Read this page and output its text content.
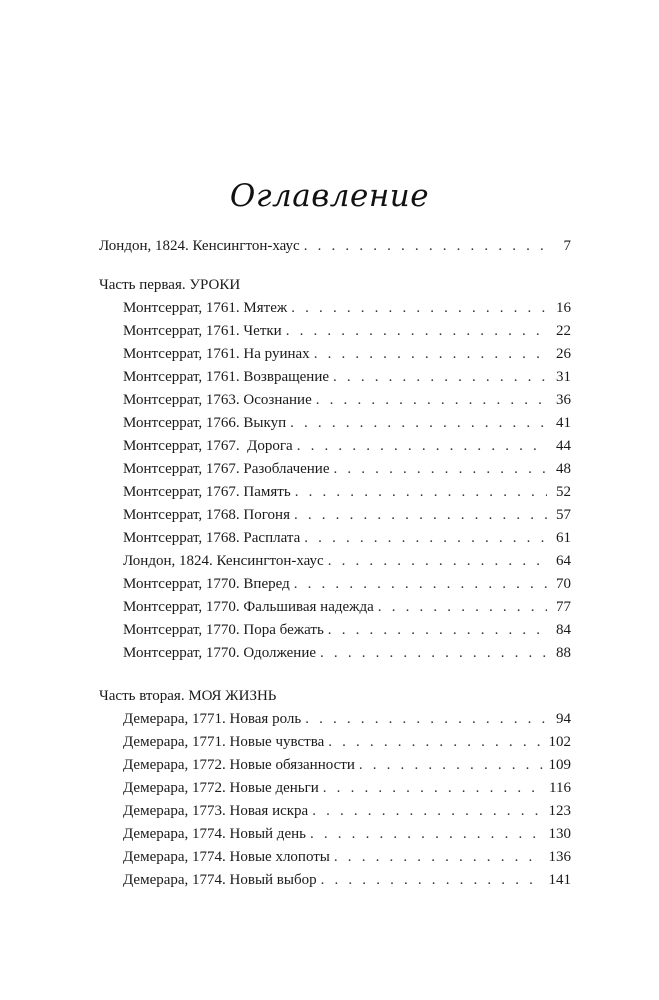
Оглавление
Лондон, 1824. Кенсингтон-хаус . . .	7
Часть первая. УРОКИ
Монтсеррат, 1761. Мятеж . . .	16
Монтсеррат, 1761. Четки . . .	22
Монтсеррат, 1761. На руинах . . .	26
Монтсеррат, 1761. Возвращение . . .	31
Монтсеррат, 1763. Осознание . . .	36
Монтсеррат, 1766. Выкуп . . .	41
Монтсеррат, 1767.  Дорога . . .	44
Монтсеррат, 1767. Разоблачение . . .	48
Монтсеррат, 1767. Память . . .	52
Монтсеррат, 1768. Погоня . . .	57
Монтсеррат, 1768. Расплата . . .	61
Лондон, 1824. Кенсингтон-хаус . . .	64
Монтсеррат, 1770. Вперед . . .	70
Монтсеррат, 1770. Фальшивая надежда . . .	77
Монтсеррат, 1770. Пора бежать . . .	84
Монтсеррат, 1770. Одолжение . . .	88
Часть вторая. МОЯ ЖИЗНЬ
Демерара, 1771. Новая роль . . .	94
Демерара, 1771. Новые чувства . . .	102
Демерара, 1772. Новые обязанности . . .	109
Демерара, 1772. Новые деньги . . .	116
Демерара, 1773. Новая искра . . .	123
Демерара, 1774. Новый день . . .	130
Демерара, 1774. Новые хлопоты . . .	136
Демерара, 1774. Новый выбор . . .	141
